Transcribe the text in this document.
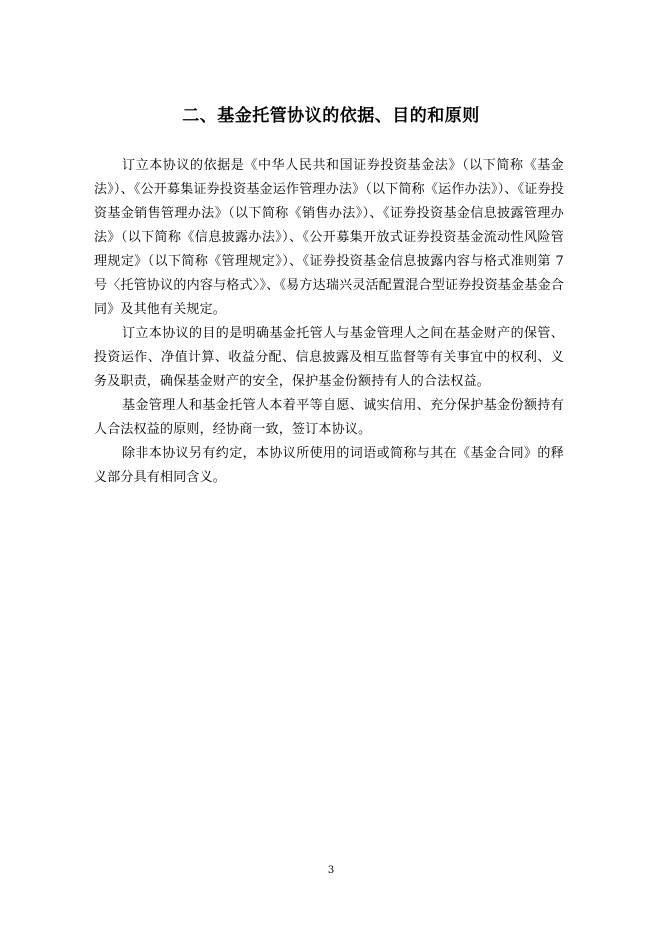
二、基金托管协议的依据、目的和原则

订立本协议的依据是《中华人民共和国证券投资基金法》（以下简称《基金法》）、《公开募集证券投资基金运作管理办法》（以下简称《运作办法》）、《证券投资基金销售管理办法》（以下简称《销售办法》）、《证券投资基金信息披露管理办法》（以下简称《信息披露办法》）、《公开募集开放式证券投资基金流动性风险管理规定》（以下简称《管理规定》）、《证券投资基金信息披露内容与格式准则第 7 号〈托管协议的内容与格式〉》、《易方达瑞兴灵活配置混合型证券投资基金基金合同》及其他有关规定。

订立本协议的目的是明确基金托管人与基金管理人之间在基金财产的保管、投资运作、净值计算、收益分配、信息披露及相互监督等有关事宜中的权利、义务及职责，确保基金财产的安全，保护基金份额持有人的合法权益。

基金管理人和基金托管人本着平等自愿、诚实信用、充分保护基金份额持有人合法权益的原则，经协商一致，签订本协议。

除非本协议另有约定，本协议所使用的词语或简称与其在《基金合同》的释义部分具有相同含义。

3
